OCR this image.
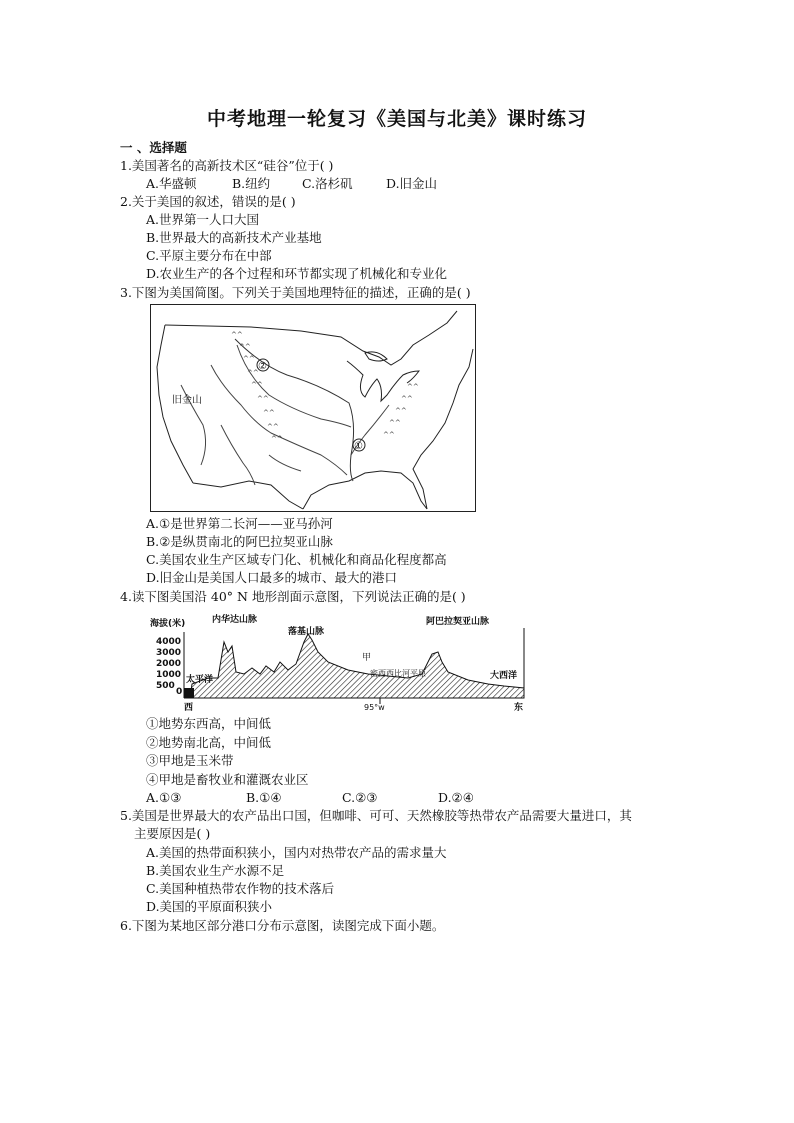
中考地理一轮复习《美国与北美》课时练习
一 、选择题
1.美国著名的高新技术区“硅谷”位于( )
A.华盛顿	B.纽约	C.洛杉矶	D.旧金山
2.关于美国的叙述，错误的是( )
A.世界第一人口大国
B.世界最大的高新技术产业基地
C.平原主要分布在中部
D.农业生产的各个过程和环节都实现了机械化和专业化
3.下图为美国简图。下列关于美国地理特征的描述，正确的是( )
^^
^^
^^
^^
^^
^^
^^
^^
^^
^^
^^
^^
^^
^^
旧金山
②
①
A.①是世界第二长河——亚马孙河
B.②是纵贯南北的阿巴拉契亚山脉
C.美国农业生产区域专门化、机械化和商品化程度都高
D.旧金山是美国人口最多的城市、最大的港口
4.读下图美国沿 40° N 地形剖面示意图，下列说法正确的是( )
海拔(米)
4000
3000
2000
1000
500
0
内华达山脉
落基山脉
阿巴拉契亚山脉
太平洋	大西洋
西	东
甲
密西西比河平原
95°w
①地势东西高，中间低
②地势南北高，中间低
③甲地是玉米带
④甲地是畜牧业和灌溉农业区
A.①③	B.①④	C.②③	D.②④
5.美国是世界最大的农产品出口国，但咖啡、可可、天然橡胶等热带农产品需要大量进口，其
主要原因是( )
A.美国的热带面积狭小，国内对热带农产品的需求量大
B.美国农业生产水源不足
C.美国种植热带农作物的技术落后
D.美国的平原面积狭小
6.下图为某地区部分港口分布示意图，读图完成下面小题。
